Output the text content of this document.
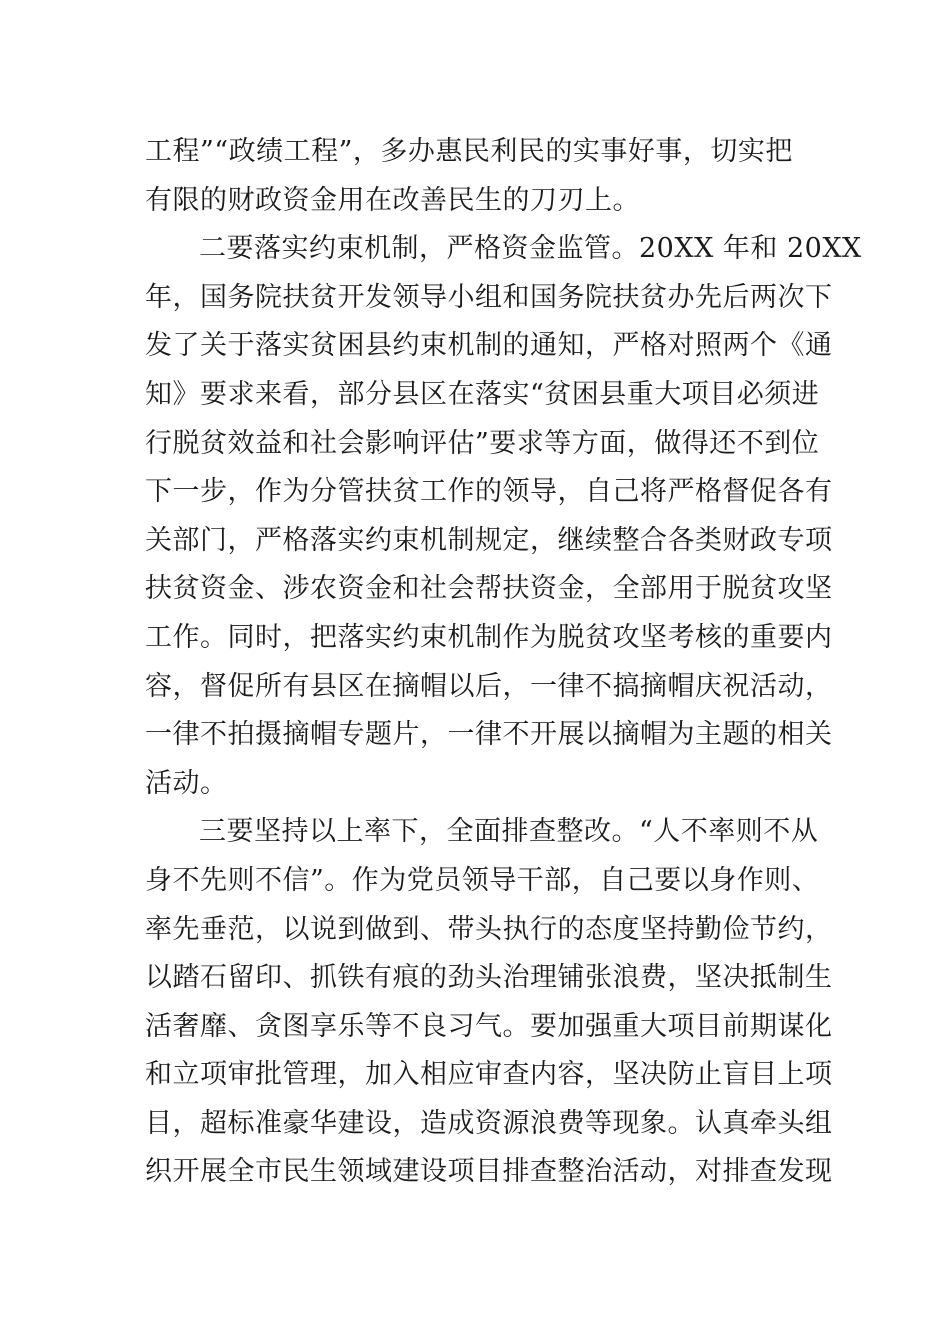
工程”“政绩工程”，多办惠民利民的实事好事，切实把
有限的财政资金用在改善民生的刀刃上。
二要落实约束机制，严格资金监管。20XX 年和 20XX
年，国务院扶贫开发领导小组和国务院扶贫办先后两次下
发了关于落实贫困县约束机制的通知，严格对照两个《通
知》要求来看，部分县区在落实“贫困县重大项目必须进
行脱贫效益和社会影响评估”要求等方面，做得还不到位
下一步，作为分管扶贫工作的领导，自己将严格督促各有
关部门，严格落实约束机制规定，继续整合各类财政专项
扶贫资金、涉农资金和社会帮扶资金，全部用于脱贫攻坚
工作。同时，把落实约束机制作为脱贫攻坚考核的重要内
容，督促所有县区在摘帽以后，一律不搞摘帽庆祝活动，
一律不拍摄摘帽专题片，一律不开展以摘帽为主题的相关
活动。
三要坚持以上率下，全面排查整改。“人不率则不从
身不先则不信”。作为党员领导干部，自己要以身作则、
率先垂范，以说到做到、带头执行的态度坚持勤俭节约，
以踏石留印、抓铁有痕的劲头治理铺张浪费，坚决抵制生
活奢靡、贪图享乐等不良习气。要加强重大项目前期谋化
和立项审批管理，加入相应审查内容，坚决防止盲目上项
目，超标准豪华建设，造成资源浪费等现象。认真牵头组
织开展全市民生领域建设项目排查整治活动，对排查发现
